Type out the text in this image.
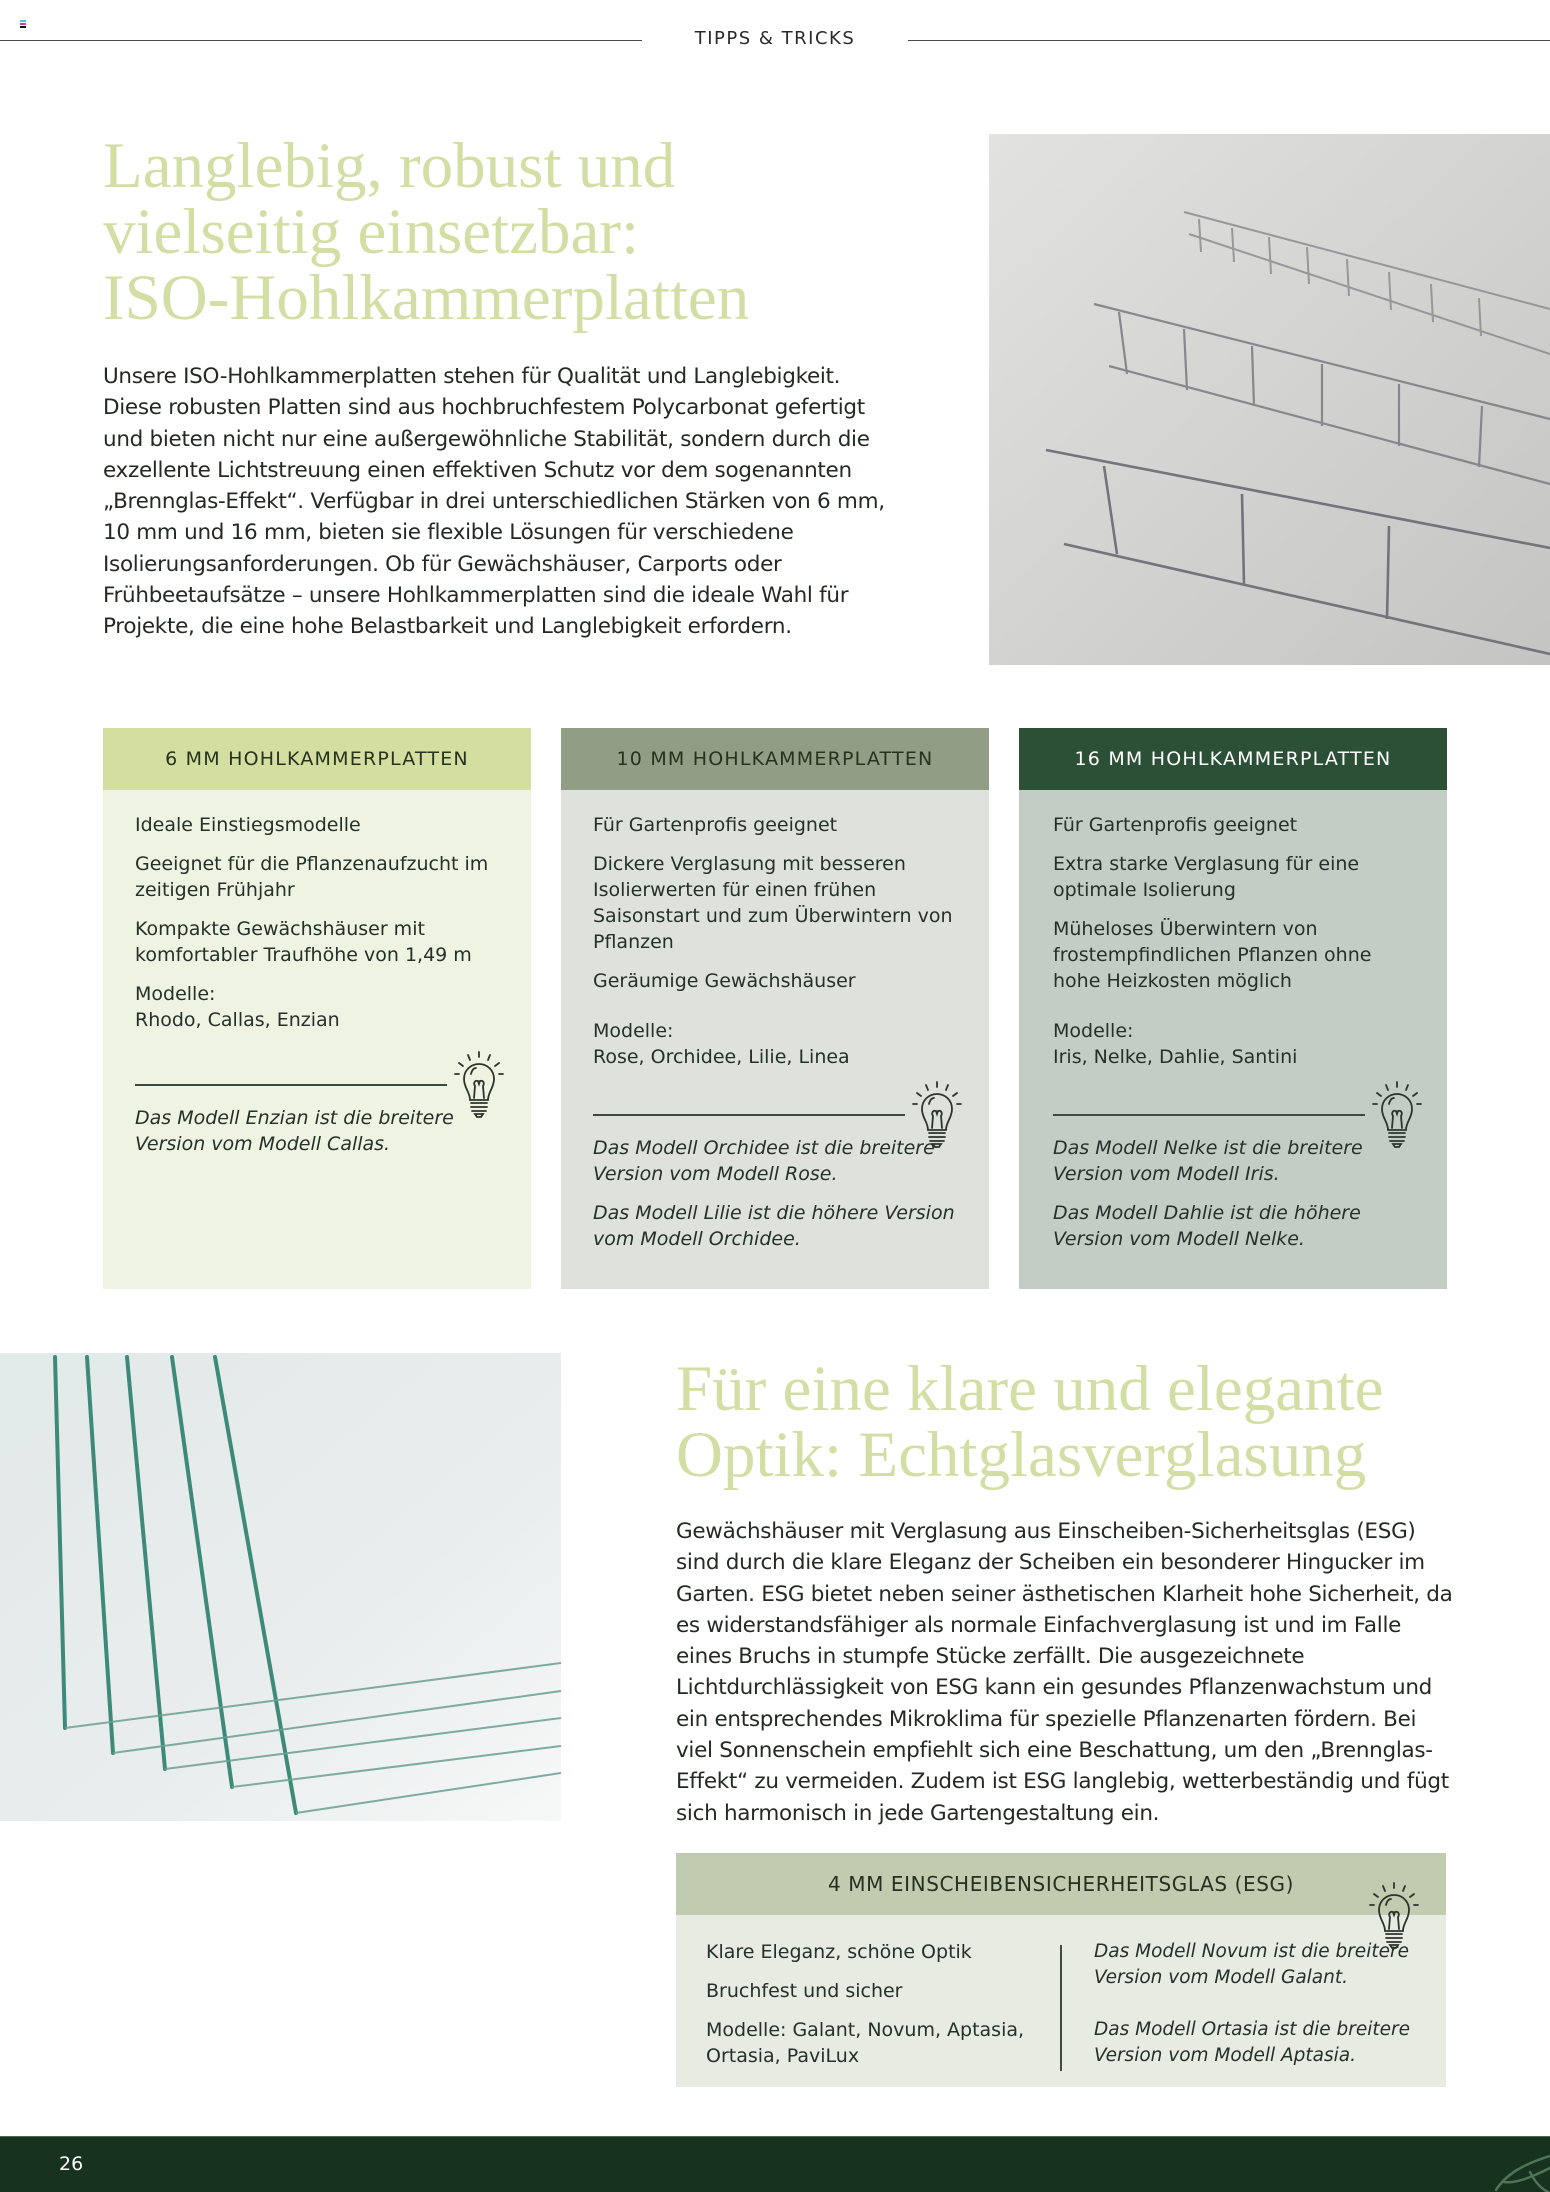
TIPPS & TRICKS
Langlebig, robust und
vielseitig einsetzbar:
ISO-Hohlkammerplatten

Unsere ISO-Hohlkammerplatten stehen für Qualität und Langlebigkeit. Diese robusten Platten sind aus hochbruchfestem Polycarbonat gefertigt und bieten nicht nur eine außergewöhnliche Stabilität, sondern durch die exzellente Lichtstreuung einen effektiven Schutz vor dem sogenannten „Brennglas-Effekt“. Verfügbar in drei unterschiedlichen Stärken von 6 mm, 10 mm und 16 mm, bieten sie flexible Lösungen für verschiedene Isolierungsanforderungen. Ob für Gewächshäuser, Carports oder Frühbeetaufsätze – unsere Hohlkammerplatten sind die ideale Wahl für Projekte, die eine hohe Belastbarkeit und Langlebigkeit erfordern.

6 MM HOHLKAMMERPLATTEN
Ideale Einstiegsmodelle
Geeignet für die Pflanzenaufzucht im zeitigen Frühjahr
Kompakte Gewächshäuser mit komfortabler Traufhöhe von 1,49 m
Modelle:
Rhodo, Callas, Enzian
Das Modell Enzian ist die breitere Version vom Modell Callas.
10 MM HOHLKAMMERPLATTEN
Für Gartenprofis geeignet
Dickere Verglasung mit besseren Isolierwerten für einen frühen Saisonstart und zum Überwintern von Pflanzen
Geräumige Gewächshäuser
Modelle:
Rose, Orchidee, Lilie, Linea
Das Modell Orchidee ist die breitere Version vom Modell Rose.
Das Modell Lilie ist die höhere Version vom Modell Orchidee.
16 MM HOHLKAMMERPLATTEN
Für Gartenprofis geeignet
Extra starke Verglasung für eine optimale Isolierung
Müheloses Überwintern von frostempfindlichen Pflanzen ohne hohe Heizkosten möglich
Modelle:
Iris, Nelke, Dahlie, Santini
Das Modell Nelke ist die breitere Version vom Modell Iris.
Das Modell Dahlie ist die höhere Version vom Modell Nelke.
Für eine klare und elegante
Optik: Echtglasverglasung

Gewächshäuser mit Verglasung aus Einscheiben-Sicherheitsglas (ESG) sind durch die klare Eleganz der Scheiben ein besonderer Hingucker im Garten. ESG bietet neben seiner ästhetischen Klarheit hohe Sicherheit, da es widerstandsfähiger als normale Einfachverglasung ist und im Falle eines Bruchs in stumpfe Stücke zerfällt. Die ausgezeichnete Lichtdurchlässigkeit von ESG kann ein gesundes Pflanzenwachstum und ein entsprechendes Mikroklima für spezielle Pflanzenarten fördern. Bei viel Sonnenschein empfiehlt sich eine Beschattung, um den „Brennglas-Effekt“ zu vermeiden. Zudem ist ESG langlebig, wetterbeständig und fügt sich harmonisch in jede Gartengestaltung ein.

4 MM EINSCHEIBENSICHERHEITSGLAS (ESG)
Klare Eleganz, schöne Optik
Bruchfest und sicher
Modelle: Galant, Novum, Aptasia, Ortasia, PaviLux
Das Modell Novum ist die breitere Version vom Modell Galant.
Das Modell Ortasia ist die breitere Version vom Modell Aptasia.
26
